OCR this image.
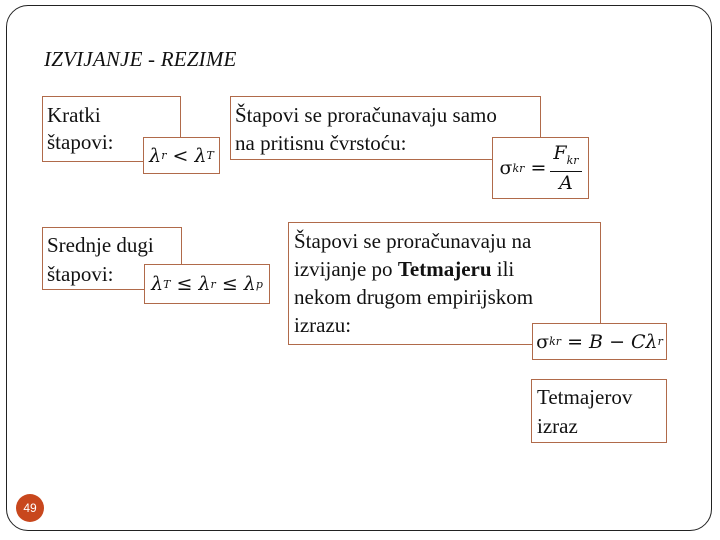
IZVIJANJE - REZIME
Kratki
štapovi:
λ r
< λ T
Štapovi se proračunavaju samo
na pritisnu čvrstoću:
σ kr
= $\frac{F_{kr}}{A}$
Srednje dugi
štapovi:	λ T
≤ λ r
≤ λ p
Štapovi se proračunavaju na
izvijanje po Tetmajeru ili
nekom drugom empirijskom
izrazu:
σ kr
= B − Cλ r
Tetmajerov
izraz
49
